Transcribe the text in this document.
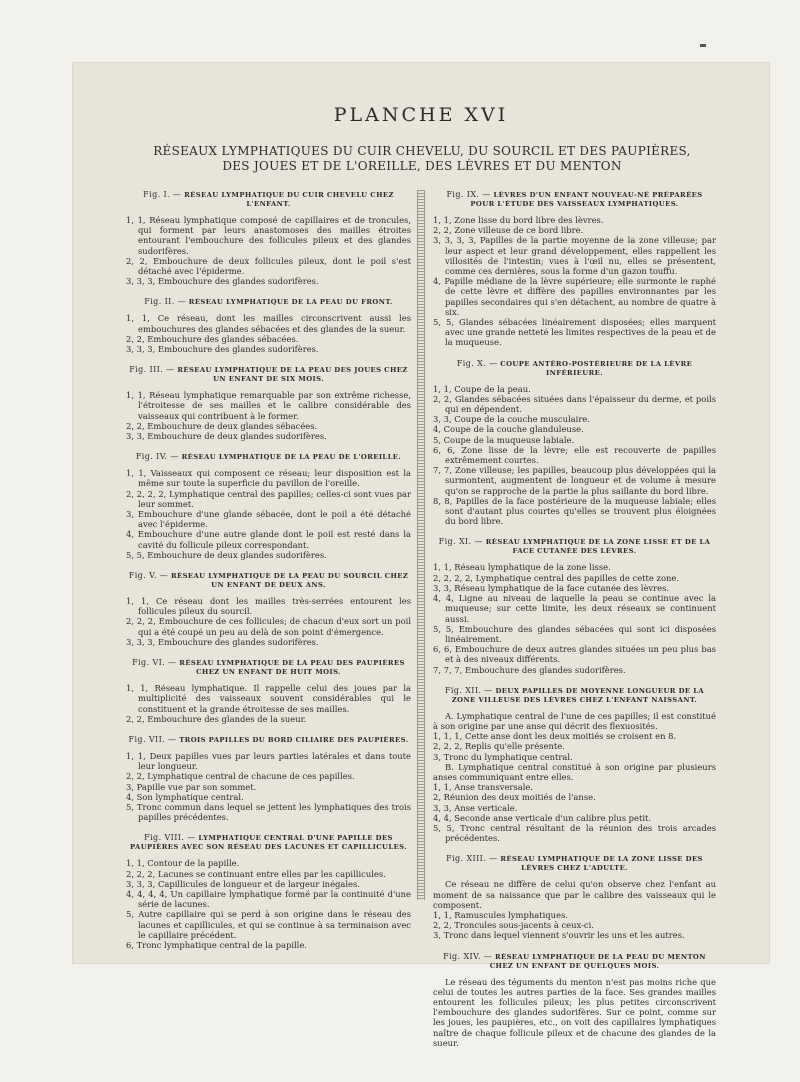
PLANCHE XVI
RÉSEAUX LYMPHATIQUES DU CUIR CHEVELU, DU SOURCIL ET DES PAUPIÈRES, DES JOUES ET DE L'OREILLE, DES LÈVRES ET DU MENTON
Fig. I. — RÉSEAU LYMPHATIQUE DU CUIR CHEVELU CHEZ L'ENFANT.

1, 1, Réseau lymphatique composé de capillaires et de troncules, qui forment par leurs anastomoses des mailles étroites entourant l'embouchure des follicules pileux et des glandes sudorifères.

2, 2, Embouchure de deux follicules pileux, dont le poil s'est détaché avec l'épiderme.

3, 3, 3, Embouchure des glandes sudorifères.

Fig. II. — RÉSEAU LYMPHATIQUE DE LA PEAU DU FRONT.

1, 1, Ce réseau, dont les mailles circonscrivent aussi les embouchures des glandes sébacées et des glandes de la sueur.

2, 2, Embouchure des glandes sébacées.

3, 3, 3, Embouchure des glandes sudorifères.

Fig. III. — RÉSEAU LYMPHATIQUE DE LA PEAU DES JOUES CHEZ UN ENFANT DE SIX MOIS.

1, 1, Réseau lymphatique remarquable par son extrême richesse, l'étroitesse de ses mailles et le calibre considérable des vaisseaux qui contribuent à le former.

2, 2, Embouchure de deux glandes sébacées.

3, 3, Embouchure de deux glandes sudorifères.

Fig. IV. — RÉSEAU LYMPHATIQUE DE LA PEAU DE L'OREILLE.

1, 1, Vaisseaux qui composent ce réseau; leur disposition est la même sur toute la superficie du pavillon de l'oreille.

2, 2, 2, 2, Lymphatique central des papilles; celles-ci sont vues par leur sommet.

3, Embouchure d'une glande sébacée, dont le poil a été détaché avec l'épiderme.

4, Embouchure d'une autre glande dont le poil est resté dans la cavité du follicule pileux correspondant.

5, 5, Embouchure de deux glandes sudorifères.

Fig. V. — RÉSEAU LYMPHATIQUE DE LA PEAU DU SOURCIL CHEZ UN ENFANT DE DEUX ANS.

1, 1, Ce réseau dont les mailles très-serrées entourent les follicules pileux du sourcil.

2, 2, 2, Embouchure de ces follicules; de chacun d'eux sort un poil qui a été coupé un peu au delà de son point d'émergence.

3, 3, 3, Embouchure des glandes sudorifères.

Fig. VI. — RÉSEAU LYMPHATIQUE DE LA PEAU DES PAUPIÈRES CHEZ UN ENFANT DE HUIT MOIS.

1, 1, Réseau lymphatique. Il rappelle celui des joues par la multiplicité des vaisseaux souvent considérables qui le constituent et la grande étroitesse de ses mailles.

2, 2, Embouchure des glandes de la sueur.

Fig. VII. — TROIS PAPILLES DU BORD CILIAIRE DES PAUPIÈRES.

1, 1, Deux papilles vues par leurs parties latérales et dans toute leur longueur.

2, 2, Lymphatique central de chacune de ces papilles.

3, Papille vue par son sommet.

4, Son lymphatique central.

5, Tronc commun dans lequel se jettent les lymphatiques des trois papilles précédentes.

Fig. VIII. — LYMPHATIQUE CENTRAL D'UNE PAPILLE DES PAUPIÈRES AVEC SON RÉSEAU DES LACUNES ET CAPILLICULES.

1, 1, Contour de la papille.

2, 2, 2, Lacunes se continuant entre elles par les capillicules.

3, 3, 3, Capillicules de longueur et de largeur inégales.

4, 4, 4, 4, Un capillaire lymphatique formé par la continuité d'une série de lacunes.

5, Autre capillaire qui se perd à son origine dans le réseau des lacunes et capillicules, et qui se continue à sa terminaison avec le capillaire précédent.

6, Tronc lymphatique central de la papille.

Fig. IX. — LÈVRES D'UN ENFANT NOUVEAU-NÉ PRÉPARÉES POUR L'ÉTUDE DES VAISSEAUX LYMPHATIQUES.

1, 1, Zone lisse du bord libre des lèvres.

2, 2, Zone villeuse de ce bord libre.

3, 3, 3, 3, Papilles de la partie moyenne de la zone villeuse; par leur aspect et leur grand développement, elles rappellent les villosités de l'intestin; vues à l'œil nu, elles se présentent, comme ces dernières, sous la forme d'un gazon touffu.

4, Papille médiane de la lèvre supérieure; elle surmonte le raphé de cette lèvre et diffère des papilles environnantes par les papilles secondaires qui s'en détachent, au nombre de quatre à six.

5, 5, Glandes sébacées linéairement disposées; elles marquent avec une grande netteté les limites respectives de la peau et de la muqueuse.

Fig. X. — COUPE ANTÉRO-POSTÉRIEURE DE LA LÈVRE INFÉRIEURE.

1, 1, Coupe de la peau.

2, 2, Glandes sébacées situées dans l'épaisseur du derme, et poils qui en dépendent.

3, 3, Coupe de la couche musculaire.

4, Coupe de la couche glanduleuse.

5, Coupe de la muqueuse labiale.

6, 6, Zone lisse de la lèvre; elle est recouverte de papilles extrêmement courtes.

7, 7, Zone villeuse; les papilles, beaucoup plus développées qui la surmontent, augmentent de longueur et de volume à mesure qu'on se rapproche de la partie la plus saillante du bord libre.

8, 8, Papilles de la face postérieure de la muqueuse labiale; elles sont d'autant plus courtes qu'elles se trouvent plus éloignées du bord libre.

Fig. XI. — RÉSEAU LYMPHATIQUE DE LA ZONE LISSE ET DE LA FACE CUTANÉE DES LÈVRES.

1, 1, Réseau lymphatique de la zone lisse.

2, 2, 2, 2, Lymphatique central des papilles de cette zone.

3, 3, Réseau lymphatique de la face cutanée des lèvres.

4, 4, Ligne au niveau de laquelle la peau se continue avec la muqueuse; sur cette limite, les deux réseaux se continuent aussi.

5, 5, Embouchure des glandes sébacées qui sont ici disposées linéairement.

6, 6, Embouchure de deux autres glandes situées un peu plus bas et à des niveaux différents.

7, 7, 7, Embouchure des glandes sudorifères.

Fig. XII. — DEUX PAPILLES DE MOYENNE LONGUEUR DE LA ZONE VILLEUSE DES LÈVRES CHEZ L'ENFANT NAISSANT.

A. Lymphatique central de l'une de ces papilles; il est constitué à son origine par une anse qui décrit des flexuosités.

1, 1, 1, Cette anse dont les deux moitiés se croisent en 8.

2, 2, 2, Replis qu'elle présente.

3, Tronc du lymphatique central.

B. Lymphatique central constitué à son origine par plusieurs anses communiquant entre elles.

1, 1, Anse transversale.

2, Réunion des deux moitiés de l'anse.

3, 3, Anse verticale.

4, 4, Seconde anse verticale d'un calibre plus petit.

5, 5, Tronc central résultant de la réunion des trois arcades précédentes.

Fig. XIII. — RÉSEAU LYMPHATIQUE DE LA ZONE LISSE DES LÈVRES CHEZ L'ADULTE.

Ce réseau ne diffère de celui qu'on observe chez l'enfant au moment de sa naissance que par le calibre des vaisseaux qui le composent.

1, 1, Ramuscules lymphatiques.

2, 2, Troncules sous-jacents à ceux-ci.

3, Tronc dans lequel viennent s'ouvrir les uns et les autres.

Fig. XIV. — RÉSEAU LYMPHATIQUE DE LA PEAU DU MENTON CHEZ UN ENFANT DE QUELQUES MOIS.

Le réseau des téguments du menton n'est pas moins riche que celui de toutes les autres parties de la face. Ses grandes mailles entourent les follicules pileux; les plus petites circonscrivent l'embouchure des glandes sudorifères. Sur ce point, comme sur les joues, les paupières, etc., on voit des capillaires lymphatiques naître de chaque follicule pileux et de chacune des glandes de la sueur.
